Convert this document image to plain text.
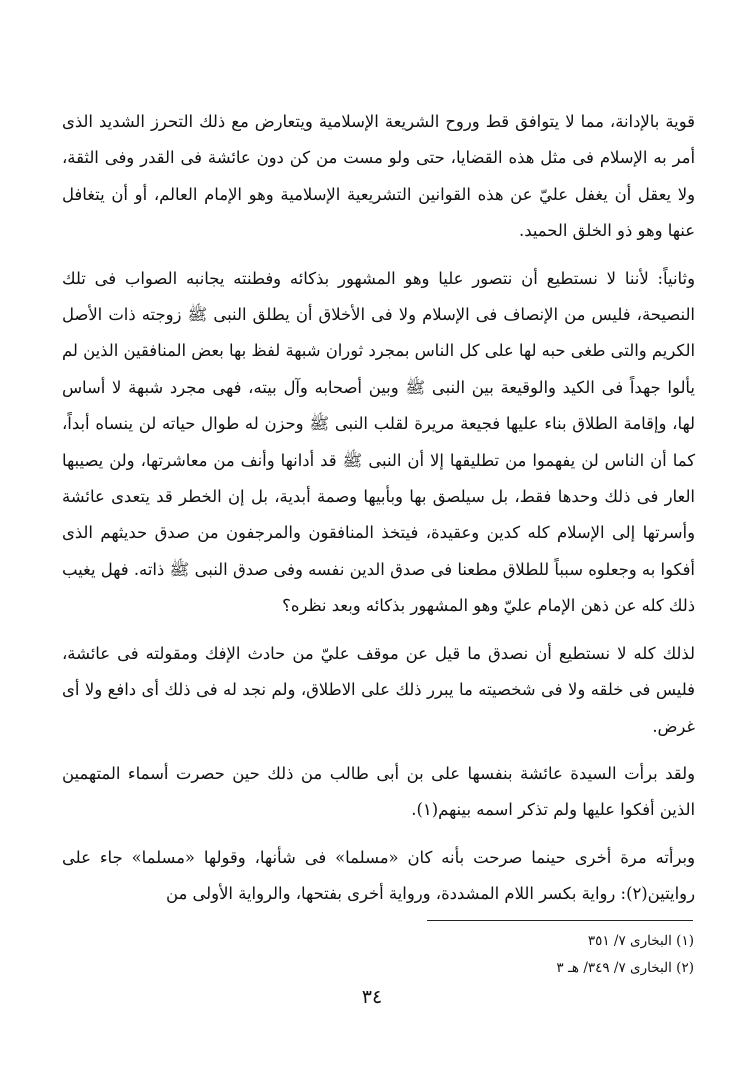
قوية بالإدانة، مما لا يتوافق قط وروح الشريعة الإسلامية ويتعارض مع ذلك التحرز الشديد الذى أمر به الإسلام فى مثل هذه القضايا، حتى ولو مست من كن دون عائشة فى القدر وفى الثقة، ولا يعقل أن يغفل عليّ عن هذه القوانين التشريعية الإسلامية وهو الإمام العالم، أو أن يتغافل عنها وهو ذو الخلق الحميد.

وثانياً: لأننا لا نستطيع أن نتصور عليا وهو المشهور بذكائه وفطنته يجانبه الصواب فى تلك النصيحة، فليس من الإنصاف فى الإسلام ولا فى الأخلاق أن يطلق النبى ﷺ زوجته ذات الأصل الكريم والتى طغى حبه لها على كل الناس بمجرد ثوران شبهة لفظ بها بعض المنافقين الذين لم يألوا جهداً فى الكيد والوقيعة بين النبى ﷺ وبين أصحابه وآل بيته، فهى مجرد شبهة لا أساس لها، وإقامة الطلاق بناء عليها فجيعة مريرة لقلب النبى ﷺ وحزن له طوال حياته لن ينساه أبداً، كما أن الناس لن يفهموا من تطليقها إلا أن النبى ﷺ قد أدانها وأنف من معاشرتها، ولن يصيبها العار فى ذلك وحدها فقط، بل سيلصق بها وبأبيها وصمة أبدية، بل إن الخطر قد يتعدى عائشة وأسرتها إلى الإسلام كله كدين وعقيدة، فيتخذ المنافقون والمرجفون من صدق حديثهم الذى أفكوا به وجعلوه سبباً للطلاق مطعنا فى صدق الدين نفسه وفى صدق النبى ﷺ ذاته. فهل يغيب ذلك كله عن ذهن الإمام عليّ وهو المشهور بذكائه وبعد نظره؟

لذلك كله لا نستطيع أن نصدق ما قيل عن موقف عليّ من حادث الإفك ومقولته فى عائشة، فليس فى خلقه ولا فى شخصيته ما يبرر ذلك على الاطلاق، ولم نجد له فى ذلك أى دافع ولا أى غرض.

ولقد برأت السيدة عائشة بنفسها على بن أبى طالب من ذلك حين حصرت أسماء المتهمين الذين أفكوا عليها ولم تذكر اسمه بينهم(١).

وبرأته مرة أخرى حينما صرحت بأنه كان «مسلما» فى شأنها، وقولها «مسلما» جاء على روايتين(٢): رواية بكسر اللام المشددة، ورواية أخرى بفتحها، والرواية الأولى من

(١) البخارى ٧/ ٣٥١

(٢) البخارى ٧/ ٣٤٩/ هـ ٣

٣٤
